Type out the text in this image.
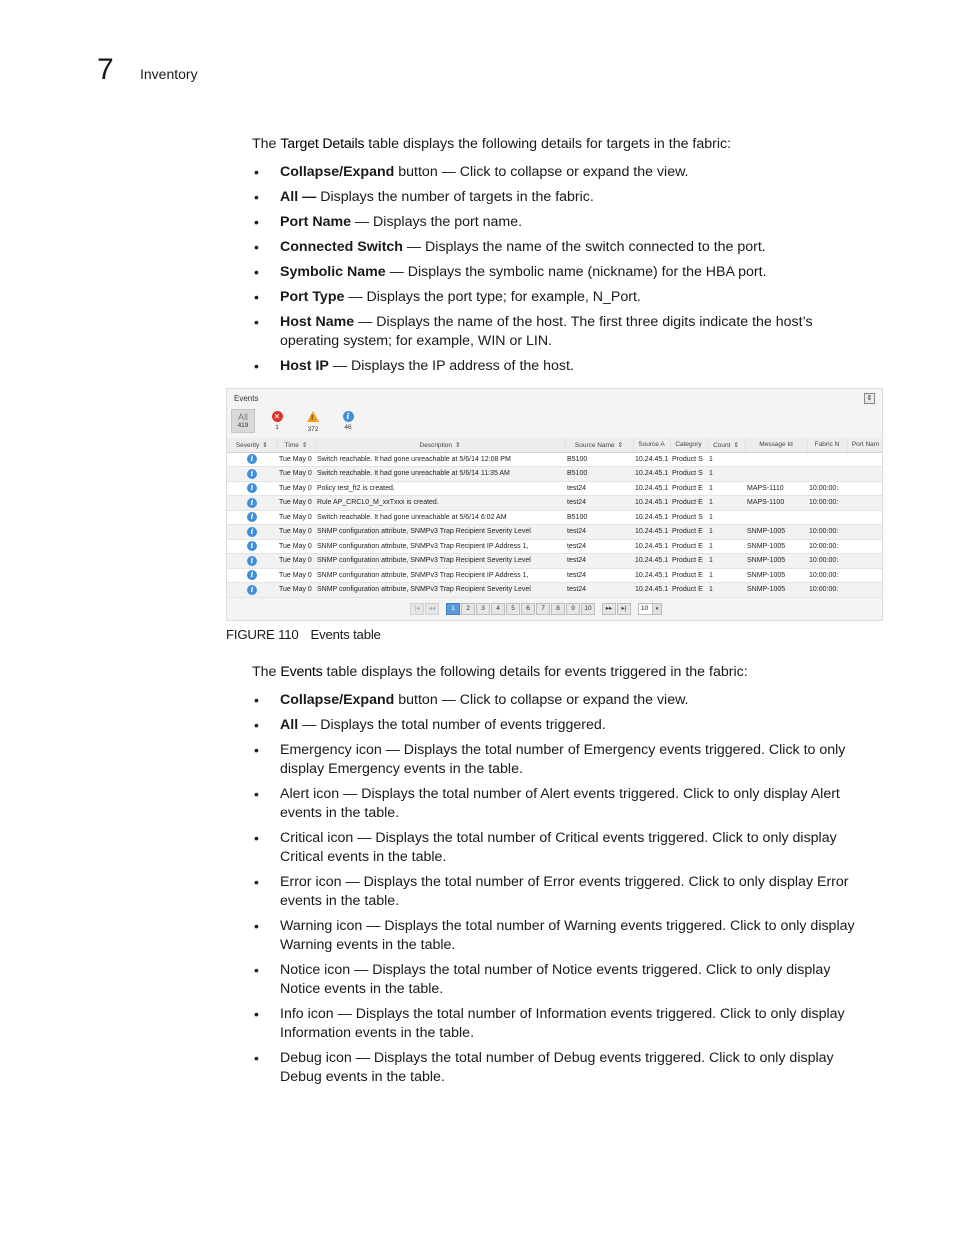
7 Inventory

The Target Details table displays the following details for targets in the fabric:

• Collapse/Expand button — Click to collapse or expand the view.
• All — Displays the number of targets in the fabric.
• Port Name — Displays the port name.
• Connected Switch — Displays the name of the switch connected to the port.
• Symbolic Name — Displays the symbolic name (nickname) for the HBA port.
• Port Type — Displays the port type; for example, N_Port.
• Host Name — Displays the name of the host. The first three digits indicate the host’s operating system; for example, WIN or LIN.
• Host IP — Displays the IP address of the host.
Events	⇕
All
419
✕
1
!
372
i
46
Severity ⇕	Time ⇕	Description ⇕	Source Name ⇕	Source A	Category	Count ⇕	Message Id	Fabric N	Port Nam
i	Tue May 0	Switch reachable. It had gone unreachable at 5/6/14 12:08 PM	B5100	10.24.45.1	Product S	1			
i	Tue May 0	Switch reachable. It had gone unreachable at 5/6/14 11:35 AM	B5100	10.24.45.1	Product S	1			
i	Tue May 0	Policy test_ft2 is created.	test24	10.24.45.1	Product E	1	MAPS-1110	10:00:00:	
i	Tue May 0	Rule AP_CRCL0_M_xxTxxx is created.	test24	10.24.45.1	Product E	1	MAPS-1100	10:00:00:	
i	Tue May 0	Switch reachable. It had gone unreachable at 5/6/14 6:02 AM	B5100	10.24.45.1	Product S	1			
i	Tue May 0	SNMP configuration attribute, SNMPv3 Trap Recipient Severity Level	test24	10.24.45.1	Product E	1	SNMP-1005	10:00:00:	
i	Tue May 0	SNMP configuration attribute, SNMPv3 Trap Recipient IP Address 1,	test24	10.24.45.1	Product E	1	SNMP-1005	10:00:00:	
i	Tue May 0	SNMP configuration attribute, SNMPv3 Trap Recipient Severity Level	test24	10.24.45.1	Product E	1	SNMP-1005	10:00:00:	
i	Tue May 0	SNMP configuration attribute, SNMPv3 Trap Recipient IP Address 1,	test24	10.24.45.1	Product E	1	SNMP-1005	10:00:00:	
i	Tue May 0	SNMP configuration attribute, SNMPv3 Trap Recipient Severity Level	test24	10.24.45.1	Product E	1	SNMP-1005	10:00:00:	
|◂ ◂◂ 1 2 3 4 5 6 7 8 9 10 ▸▸ ▸| 10	▾
FIGURE 110 Events table

The Events table displays the following details for events triggered in the fabric:

• Collapse/Expand button — Click to collapse or expand the view.
• All — Displays the total number of events triggered.
• Emergency icon — Displays the total number of Emergency events triggered. Click to only display Emergency events in the table.
• Alert icon — Displays the total number of Alert events triggered. Click to only display Alert events in the table.
• Critical icon — Displays the total number of Critical events triggered. Click to only display Critical events in the table.
• Error icon — Displays the total number of Error events triggered. Click to only display Error events in the table.
• Warning icon — Displays the total number of Warning events triggered. Click to only display Warning events in the table.
• Notice icon — Displays the total number of Notice events triggered. Click to only display Notice events in the table.
• Info icon — Displays the total number of Information events triggered. Click to only display Information events in the table.
• Debug icon — Displays the total number of Debug events triggered. Click to only display Debug events in the table.
